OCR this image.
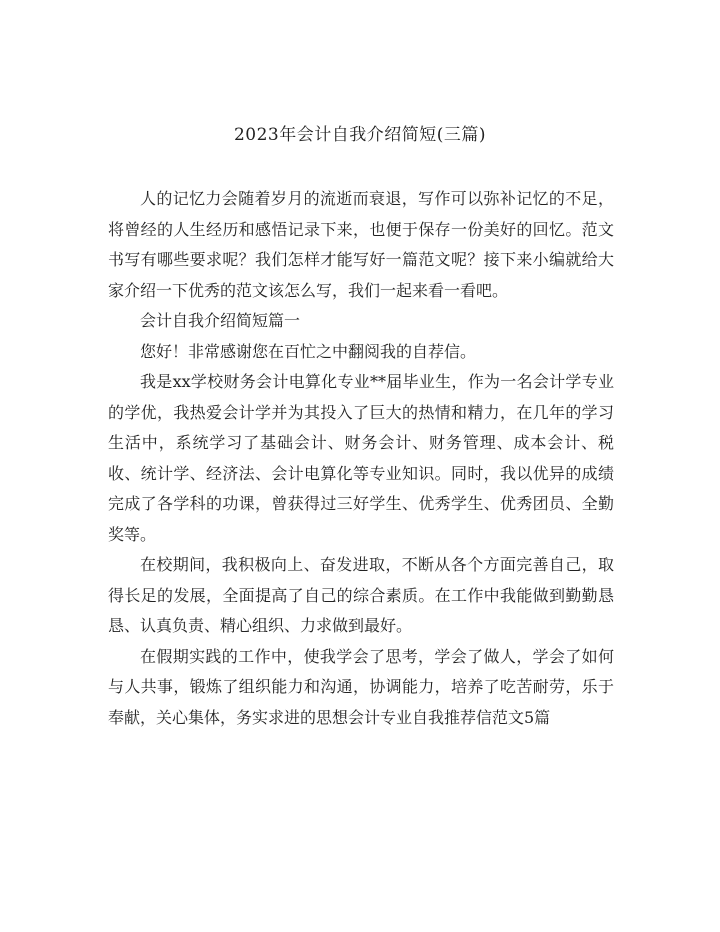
2023年会计自我介绍简短(三篇)

人的记忆力会随着岁月的流逝而衰退，写作可以弥补记忆的不足，将曾经的人生经历和感悟记录下来，也便于保存一份美好的回忆。范文书写有哪些要求呢？我们怎样才能写好一篇范文呢？接下来小编就给大家介绍一下优秀的范文该怎么写，我们一起来看一看吧。

会计自我介绍简短篇一

您好！非常感谢您在百忙之中翻阅我的自荐信。

我是xx学校财务会计电算化专业**届毕业生，作为一名会计学专业的学优，我热爱会计学并为其投入了巨大的热情和精力，在几年的学习生活中，系统学习了基础会计、财务会计、财务管理、成本会计、税收、统计学、经济法、会计电算化等专业知识。同时，我以优异的成绩完成了各学科的功课，曾获得过三好学生、优秀学生、优秀团员、全勤奖等。

在校期间，我积极向上、奋发进取，不断从各个方面完善自己，取得长足的发展，全面提高了自己的综合素质。在工作中我能做到勤勤恳恳、认真负责、精心组织、力求做到最好。

在假期实践的工作中，使我学会了思考，学会了做人，学会了如何与人共事，锻炼了组织能力和沟通，协调能力，培养了吃苦耐劳，乐于奉献，关心集体，务实求进的思想会计专业自我推荐信范文5篇
